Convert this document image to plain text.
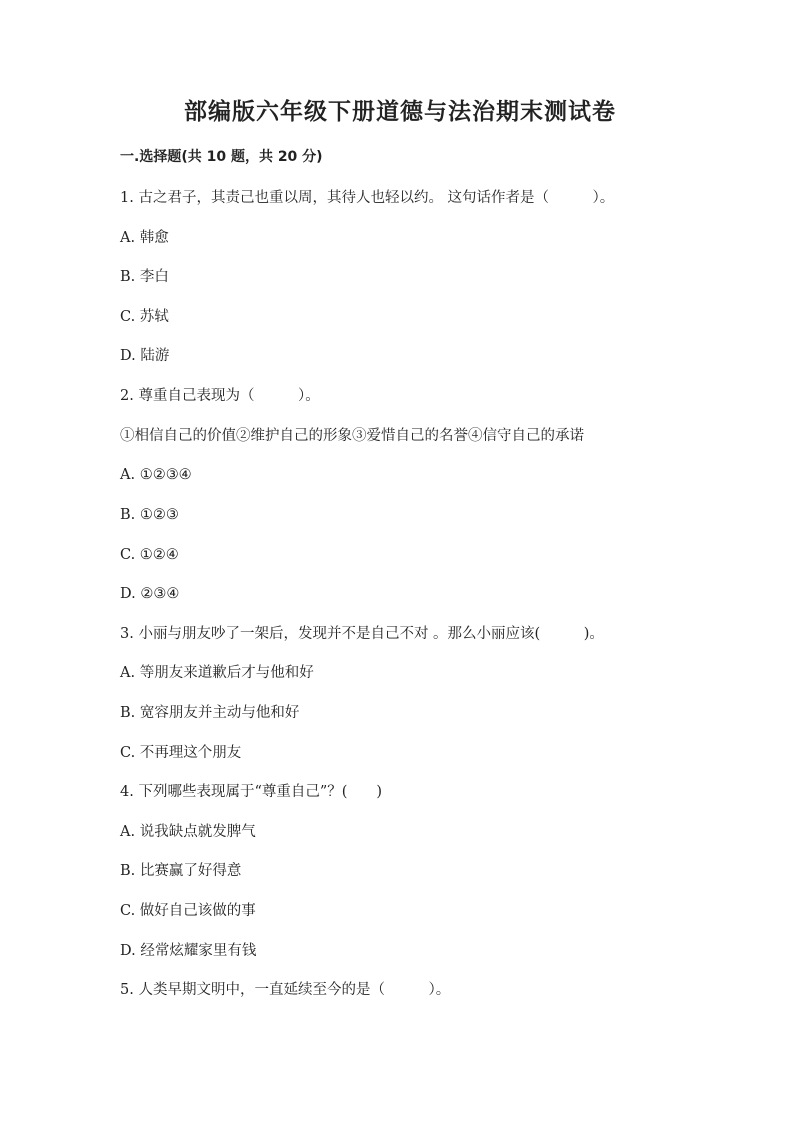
部编版六年级下册道德与法治期末测试卷
一.选择题(共 10 题，共 20 分)
1. 古之君子，其责己也重以周，其待人也轻以约。 这句话作者是（　　　）。
A. 韩愈
B. 李白
C. 苏轼
D. 陆游
2. 尊重自己表现为（　　　）。
①相信自己的价值②维护自己的形象③爱惜自己的名誉④信守自己的承诺
A. ①②③④
B. ①②③
C. ①②④
D. ②③④
3. 小丽与朋友吵了一架后，发现并不是自己不对 。那么小丽应该(　　　)。
A. 等朋友来道歉后才与他和好
B. 宽容朋友并主动与他和好
C. 不再理这个朋友
4. 下列哪些表现属于“尊重自己”？(　　)
A. 说我缺点就发脾气
B. 比赛赢了好得意
C. 做好自己该做的事
D. 经常炫耀家里有钱
5. 人类早期文明中，一直延续至今的是（　　　）。
